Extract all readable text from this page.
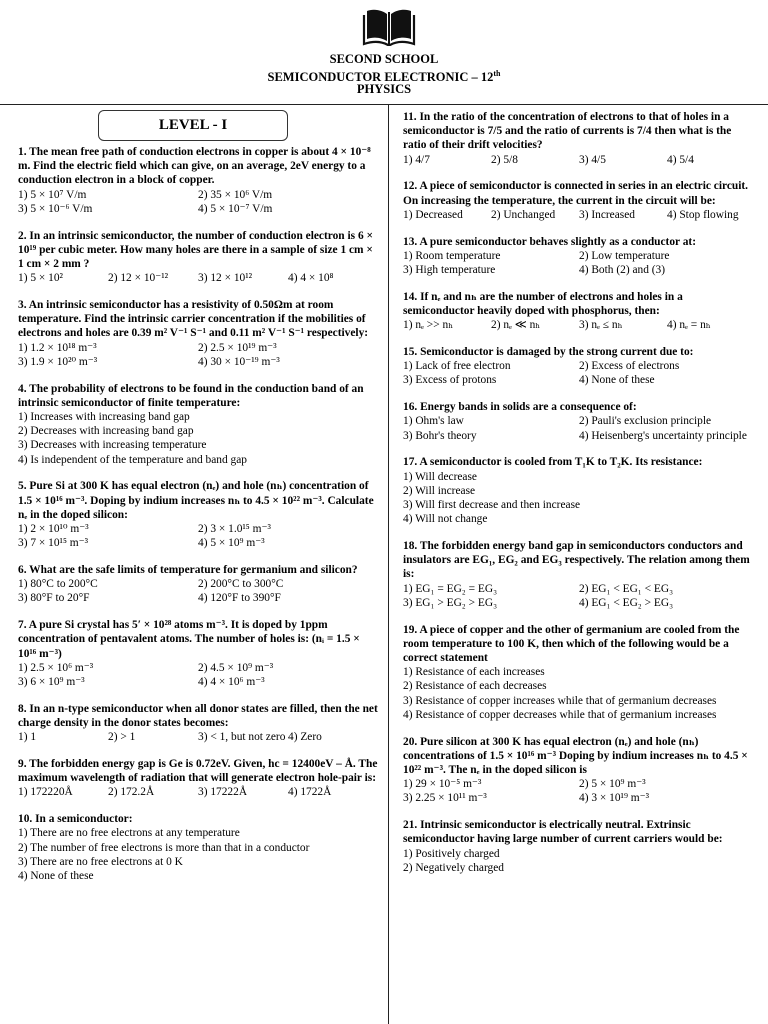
SECOND SCHOOL
SEMICONDUCTOR ELECTRONIC – 12th
PHYSICS
LEVEL - I
1. The mean free path of conduction electrons in copper is about 4 × 10⁻⁸ m. Find the electric field which can give, on an average, 2eV energy to a conduction electron in a block of copper.
1) 5 × 10⁷ V/m	2) 35 × 10⁶ V/m
3) 5 × 10⁻⁶ V/m	4) 5 × 10⁻⁷ V/m
2. In an intrinsic semiconductor, the number of conduction electron is 6 × 10¹⁹ per cubic meter. How many holes are there in a sample of size 1 cm × 1 cm × 2 mm ?
1) 5 × 10²	2) 12 × 10⁻¹²	3) 12 × 10¹²	4) 4 × 10⁸
3. An intrinsic semiconductor has a resistivity of 0.50Ωm at room temperature. Find the intrinsic carrier concentration if the mobilities of electrons and holes are 0.39 m² V⁻¹ S⁻¹ and 0.11 m² V⁻¹ S⁻¹ respectively:
1) 1.2 × 10¹⁸ m⁻³	2) 2.5 × 10¹⁹ m⁻³
3) 1.9 × 10²⁰ m⁻³	4) 30 × 10⁻¹⁹ m⁻³
4. The probability of electrons to be found in the conduction band of an intrinsic semiconductor of finite temperature:
1) Increases with increasing band gap
2) Decreases with increasing band gap
3) Decreases with increasing temperature
4) Is independent of the temperature and band gap
5. Pure Si at 300 K has equal electron (nₑ) and hole (nₕ) concentration of 1.5 × 10¹⁶ m⁻³. Doping by indium increases nₕ to 4.5 × 10²² m⁻³. Calculate nₑ in the doped silicon:
1) 2 × 10¹⁰ m⁻³	2) 3 × 1.0¹⁵ m⁻³
3) 7 × 10¹⁵ m⁻³	4) 5 × 10⁹ m⁻³
6. What are the safe limits of temperature for germanium and silicon?
1) 80°C to 200°C	2) 200°C to 300°C
3) 80°F to 20°F	4) 120°F to 390°F
7. A pure Si crystal has 5′ × 10²⁸ atoms m⁻³. It is doped by 1ppm concentration of pentavalent atoms. The number of holes is: (nᵢ = 1.5 × 10¹⁶ m⁻³)
1) 2.5 × 10⁶ m⁻³	2) 4.5 × 10⁹ m⁻³
3) 6 × 10⁹ m⁻³	4) 4 × 10⁶ m⁻³
8. In an n-type semiconductor when all donor states are filled, then the net charge density in the donor states becomes:
1) 1	2) > 1	3) < 1, but not zero 4) Zero
9. The forbidden energy gap is Ge is 0.72eV. Given, hc = 12400eV – Å. The maximum wavelength of radiation that will generate electron hole-pair is:
1) 172220Å	2) 172.2Å	3) 17222Å	4) 1722Å
10. In a semiconductor:
1) There are no free electrons at any temperature
2) The number of free electrons is more than that in a conductor
3) There are no free electrons at 0 K
4) None of these
11. In the ratio of the concentration of electrons to that of holes in a semiconductor is 7/5 and the ratio of currents is 7/4 then what is the ratio of their drift velocities?
1) 4/7	2) 5/8	3) 4/5	4) 5/4
12. A piece of semiconductor is connected in series in an electric circuit. On increasing the temperature, the current in the circuit will be:
1) Decreased	2) Unchanged	3) Increased	4) Stop flowing
13. A pure semiconductor behaves slightly as a conductor at:
1) Room temperature	2) Low temperature
3) High temperature	4) Both (2) and (3)
14. If nₑ and nₕ are the number of electrons and holes in a semiconductor heavily doped with phosphorus, then:
1) nₑ >> nₕ	2) nₑ ≪ nₕ	3) nₑ ≤ nₕ	4) nₑ = nₕ
15. Semiconductor is damaged by the strong current due to:
1) Lack of free electron	2) Excess of electrons
3) Excess of protons	4) None of these
16. Energy bands in solids are a consequence of:
1) Ohm's law	2) Pauli's exclusion principle
3) Bohr's theory	4) Heisenberg's uncertainty principle
17. A semiconductor is cooled from T₁K to T₂K. Its resistance:
1) Will decrease
2) Will increase
3) Will first decrease and then increase
4) Will not change
18. The forbidden energy band gap in semiconductors conductors and insulators are EG₁, EG₂ and EG₃ respectively. The relation among them is:
1) EG₁ = EG₂ = EG₃	2) EG₁ < EG₁ < EG₃
3) EG₁ > EG₂ > EG₃	4) EG₁ < EG₂ > EG₃
19. A piece of copper and the other of germanium are cooled from the room temperature to 100 K, then which of the following would be a correct statement
1) Resistance of each increases
2) Resistance of each decreases
3) Resistance of copper increases while that of germanium decreases
4) Resistance of copper decreases while that of germanium increases
20. Pure silicon at 300 K has equal electron (nₑ) and hole (nₕ) concentrations of 1.5 × 10¹⁶ m⁻³ Doping by indium increases nₕ to 4.5 × 10²² m⁻³. The nₑ in the doped silicon is
1) 29 × 10⁻⁵ m⁻³	2) 5 × 10⁹ m⁻³
3) 2.25 × 10¹¹ m⁻³	4) 3 × 10¹⁹ m⁻³
21. Intrinsic semiconductor is electrically neutral. Extrinsic semiconductor having large number of current carriers would be:
1) Positively charged
2) Negatively charged
